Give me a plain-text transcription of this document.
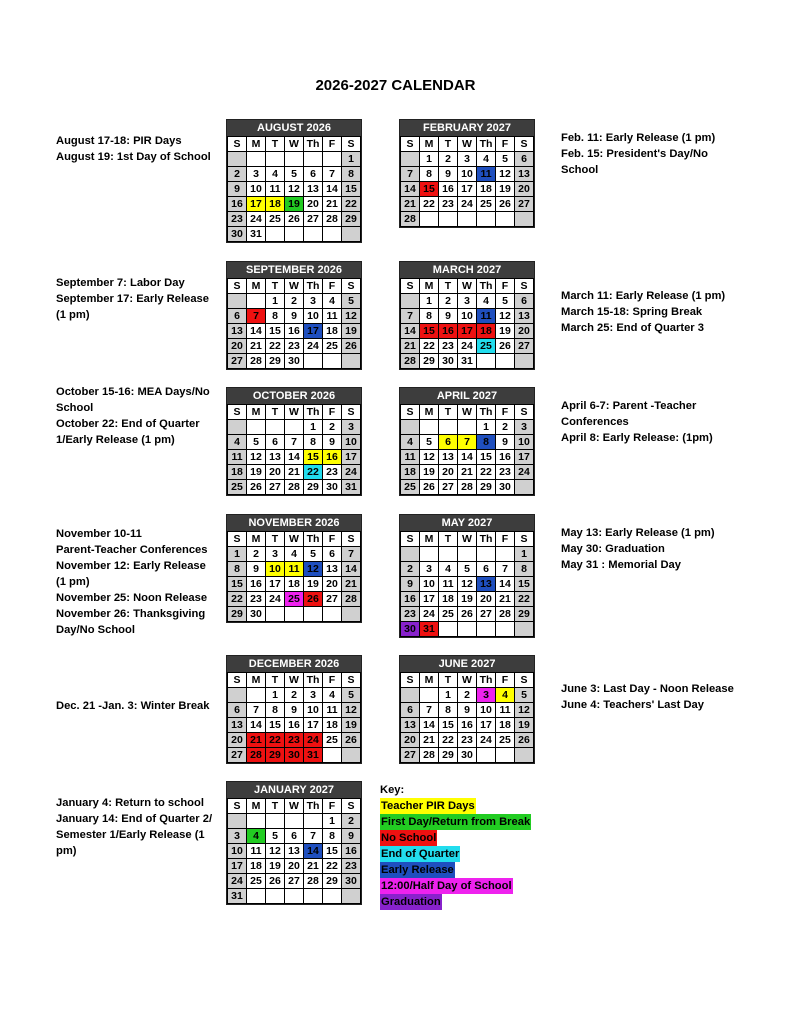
2026-2027 CALENDAR
AUGUST 2026
S	M	T	W	Th	F	S
						1
2	3	4	5	6	7	8
9	10	11	12	13	14	15
16	17	18	19	20	21	22
23	24	25	26	27	28	29
30	31					
FEBRUARY 2027
S	M	T	W	Th	F	S
	1	2	3	4	5	6
7	8	9	10	11	12	13
14	15	16	17	18	19	20
21	22	23	24	25	26	27
28						
SEPTEMBER 2026
S	M	T	W	Th	F	S
		1	2	3	4	5
6	7	8	9	10	11	12
13	14	15	16	17	18	19
20	21	22	23	24	25	26
27	28	29	30			
MARCH 2027
S	M	T	W	Th	F	S
	1	2	3	4	5	6
7	8	9	10	11	12	13
14	15	16	17	18	19	20
21	22	23	24	25	26	27
28	29	30	31			
OCTOBER 2026
S	M	T	W	Th	F	S
				1	2	3
4	5	6	7	8	9	10
11	12	13	14	15	16	17
18	19	20	21	22	23	24
25	26	27	28	29	30	31
APRIL 2027
S	M	T	W	Th	F	S
				1	2	3
4	5	6	7	8	9	10
11	12	13	14	15	16	17
18	19	20	21	22	23	24
25	26	27	28	29	30	
NOVEMBER 2026
S	M	T	W	Th	F	S
1	2	3	4	5	6	7
8	9	10	11	12	13	14
15	16	17	18	19	20	21
22	23	24	25	26	27	28
29	30					
MAY 2027
S	M	T	W	Th	F	S
						1
2	3	4	5	6	7	8
9	10	11	12	13	14	15
16	17	18	19	20	21	22
23	24	25	26	27	28	29
30	31					
DECEMBER 2026
S	M	T	W	Th	F	S
		1	2	3	4	5
6	7	8	9	10	11	12
13	14	15	16	17	18	19
20	21	22	23	24	25	26
27	28	29	30	31		
JUNE 2027
S	M	T	W	Th	F	S
		1	2	3	4	5
6	7	8	9	10	11	12
13	14	15	16	17	18	19
20	21	22	23	24	25	26
27	28	29	30			
JANUARY 2027
S	M	T	W	Th	F	S
					1	2
3	4	5	6	7	8	9
10	11	12	13	14	15	16
17	18	19	20	21	22	23
24	25	26	27	28	29	30
31						
August 17-18: PIR Days
August 19: 1st Day of School
Feb. 11: Early Release (1 pm)
Feb. 15: President's Day/No
School
September 7: Labor Day
September 17: Early Release
(1 pm)
March 11: Early Release (1 pm)
March 15-18: Spring Break
March 25: End of Quarter 3
October 15-16: MEA Days/No
School
October 22: End of Quarter
1/Early Release (1 pm)
April 6-7: Parent -Teacher
Conferences
April 8: Early Release: (1pm)
November 10-11
Parent-Teacher Conferences
November 12: Early Release
(1 pm)
November 25: Noon Release
November 26: Thanksgiving
Day/No School
May 13: Early Release (1 pm)
May 30: Graduation
May 31 : Memorial Day
Dec. 21 -Jan. 3: Winter Break
June 3: Last Day - Noon Release
June 4: Teachers' Last Day
January 4: Return to school
January 14: End of Quarter 2/
Semester 1/Early Release (1
pm)
Key:
Teacher PIR Days
First Day/Return from Break
No School
End of Quarter
Early Release
12:00/Half Day of School
Graduation
